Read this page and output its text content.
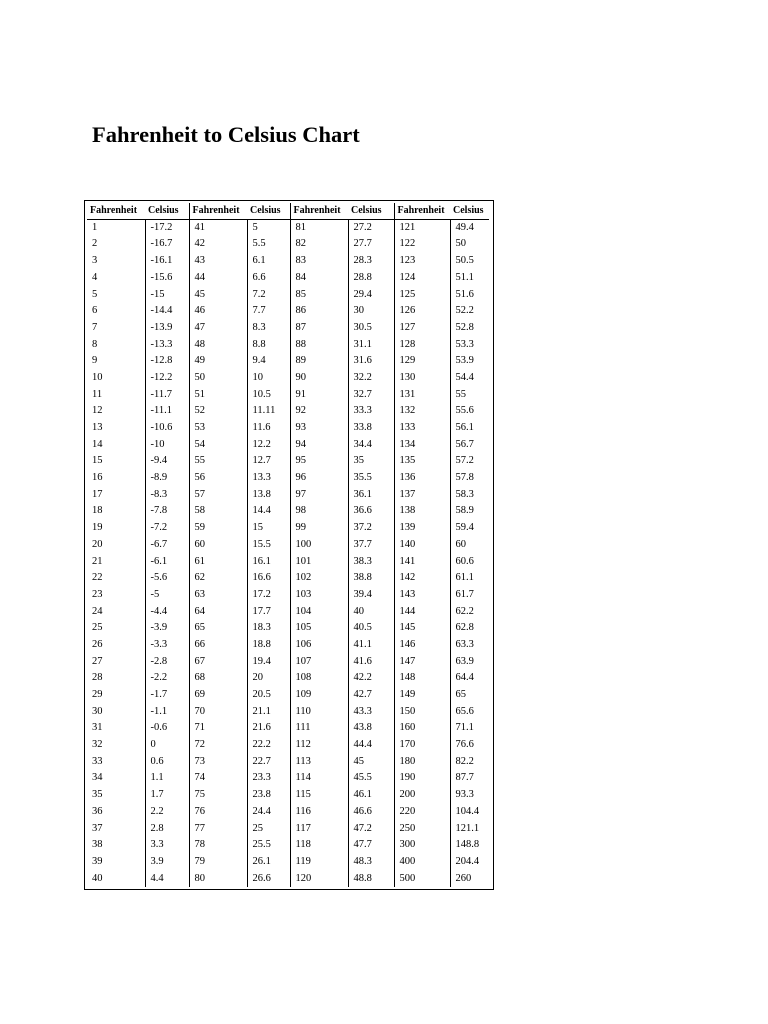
Fahrenheit to Celsius Chart
Fahrenheit	Celsius	Fahrenheit	Celsius	Fahrenheit	Celsius	Fahrenheit	Celsius
1	-17.2	41	5	81	27.2	121	49.4
2	-16.7	42	5.5	82	27.7	122	50
3	-16.1	43	6.1	83	28.3	123	50.5
4	-15.6	44	6.6	84	28.8	124	51.1
5	-15	45	7.2	85	29.4	125	51.6
6	-14.4	46	7.7	86	30	126	52.2
7	-13.9	47	8.3	87	30.5	127	52.8
8	-13.3	48	8.8	88	31.1	128	53.3
9	-12.8	49	9.4	89	31.6	129	53.9
10	-12.2	50	10	90	32.2	130	54.4
11	-11.7	51	10.5	91	32.7	131	55
12	-11.1	52	11.11	92	33.3	132	55.6
13	-10.6	53	11.6	93	33.8	133	56.1
14	-10	54	12.2	94	34.4	134	56.7
15	-9.4	55	12.7	95	35	135	57.2
16	-8.9	56	13.3	96	35.5	136	57.8
17	-8.3	57	13.8	97	36.1	137	58.3
18	-7.8	58	14.4	98	36.6	138	58.9
19	-7.2	59	15	99	37.2	139	59.4
20	-6.7	60	15.5	100	37.7	140	60
21	-6.1	61	16.1	101	38.3	141	60.6
22	-5.6	62	16.6	102	38.8	142	61.1
23	-5	63	17.2	103	39.4	143	61.7
24	-4.4	64	17.7	104	40	144	62.2
25	-3.9	65	18.3	105	40.5	145	62.8
26	-3.3	66	18.8	106	41.1	146	63.3
27	-2.8	67	19.4	107	41.6	147	63.9
28	-2.2	68	20	108	42.2	148	64.4
29	-1.7	69	20.5	109	42.7	149	65
30	-1.1	70	21.1	110	43.3	150	65.6
31	-0.6	71	21.6	111	43.8	160	71.1
32	0	72	22.2	112	44.4	170	76.6
33	0.6	73	22.7	113	45	180	82.2
34	1.1	74	23.3	114	45.5	190	87.7
35	1.7	75	23.8	115	46.1	200	93.3
36	2.2	76	24.4	116	46.6	220	104.4
37	2.8	77	25	117	47.2	250	121.1
38	3.3	78	25.5	118	47.7	300	148.8
39	3.9	79	26.1	119	48.3	400	204.4
40	4.4	80	26.6	120	48.8	500	260
